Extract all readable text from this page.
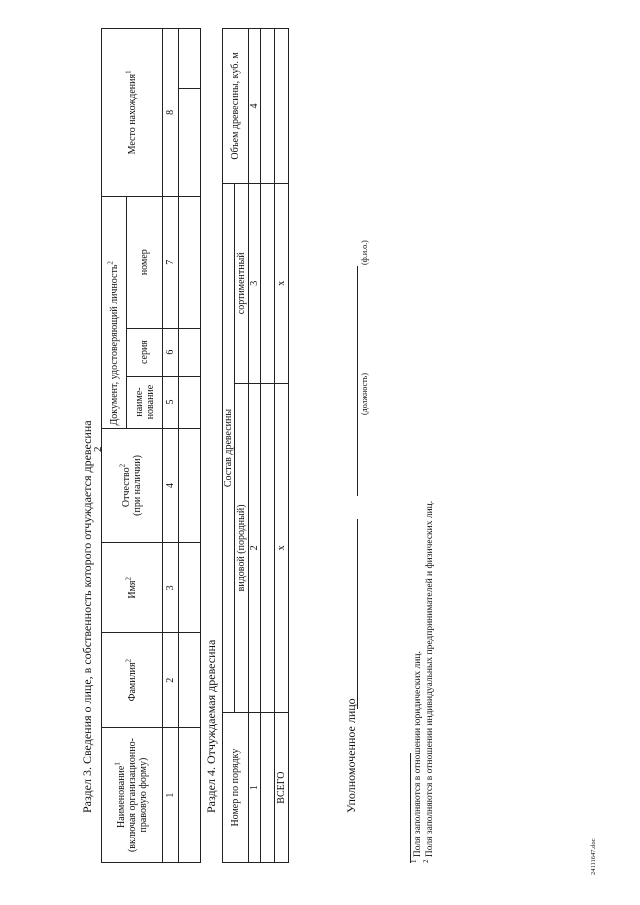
2
Раздел 3. Сведения о лице, в собственность которого отчуждается древесина Наименование$^1$ (включая организационно-правовую форму)	Фамилия$^2$	Имя$^2$	Отчество$^2$ (при наличии)	Документ, удостоверяющий личность$^2$			Место нахождения$^1$
				наиме-нование	серия	номер		
1	2	3	4	5	6	7	8	

Раздел 4. Отчуждаемая древесина Номер по порядку	Состав древесины		Объем древесины, куб. м
	видовой (породный)	сортиментный	
1	2	3	4

ВСЕГО	х	х	
Уполномоченное лицо
(должность)
(ф.и.о.)
$^1$ Поля заполняются в отношении юридических лиц.
$^2$ Поля заполняются в отношении индивидуальных предпринимателей и физических лиц.	24111647.doc
